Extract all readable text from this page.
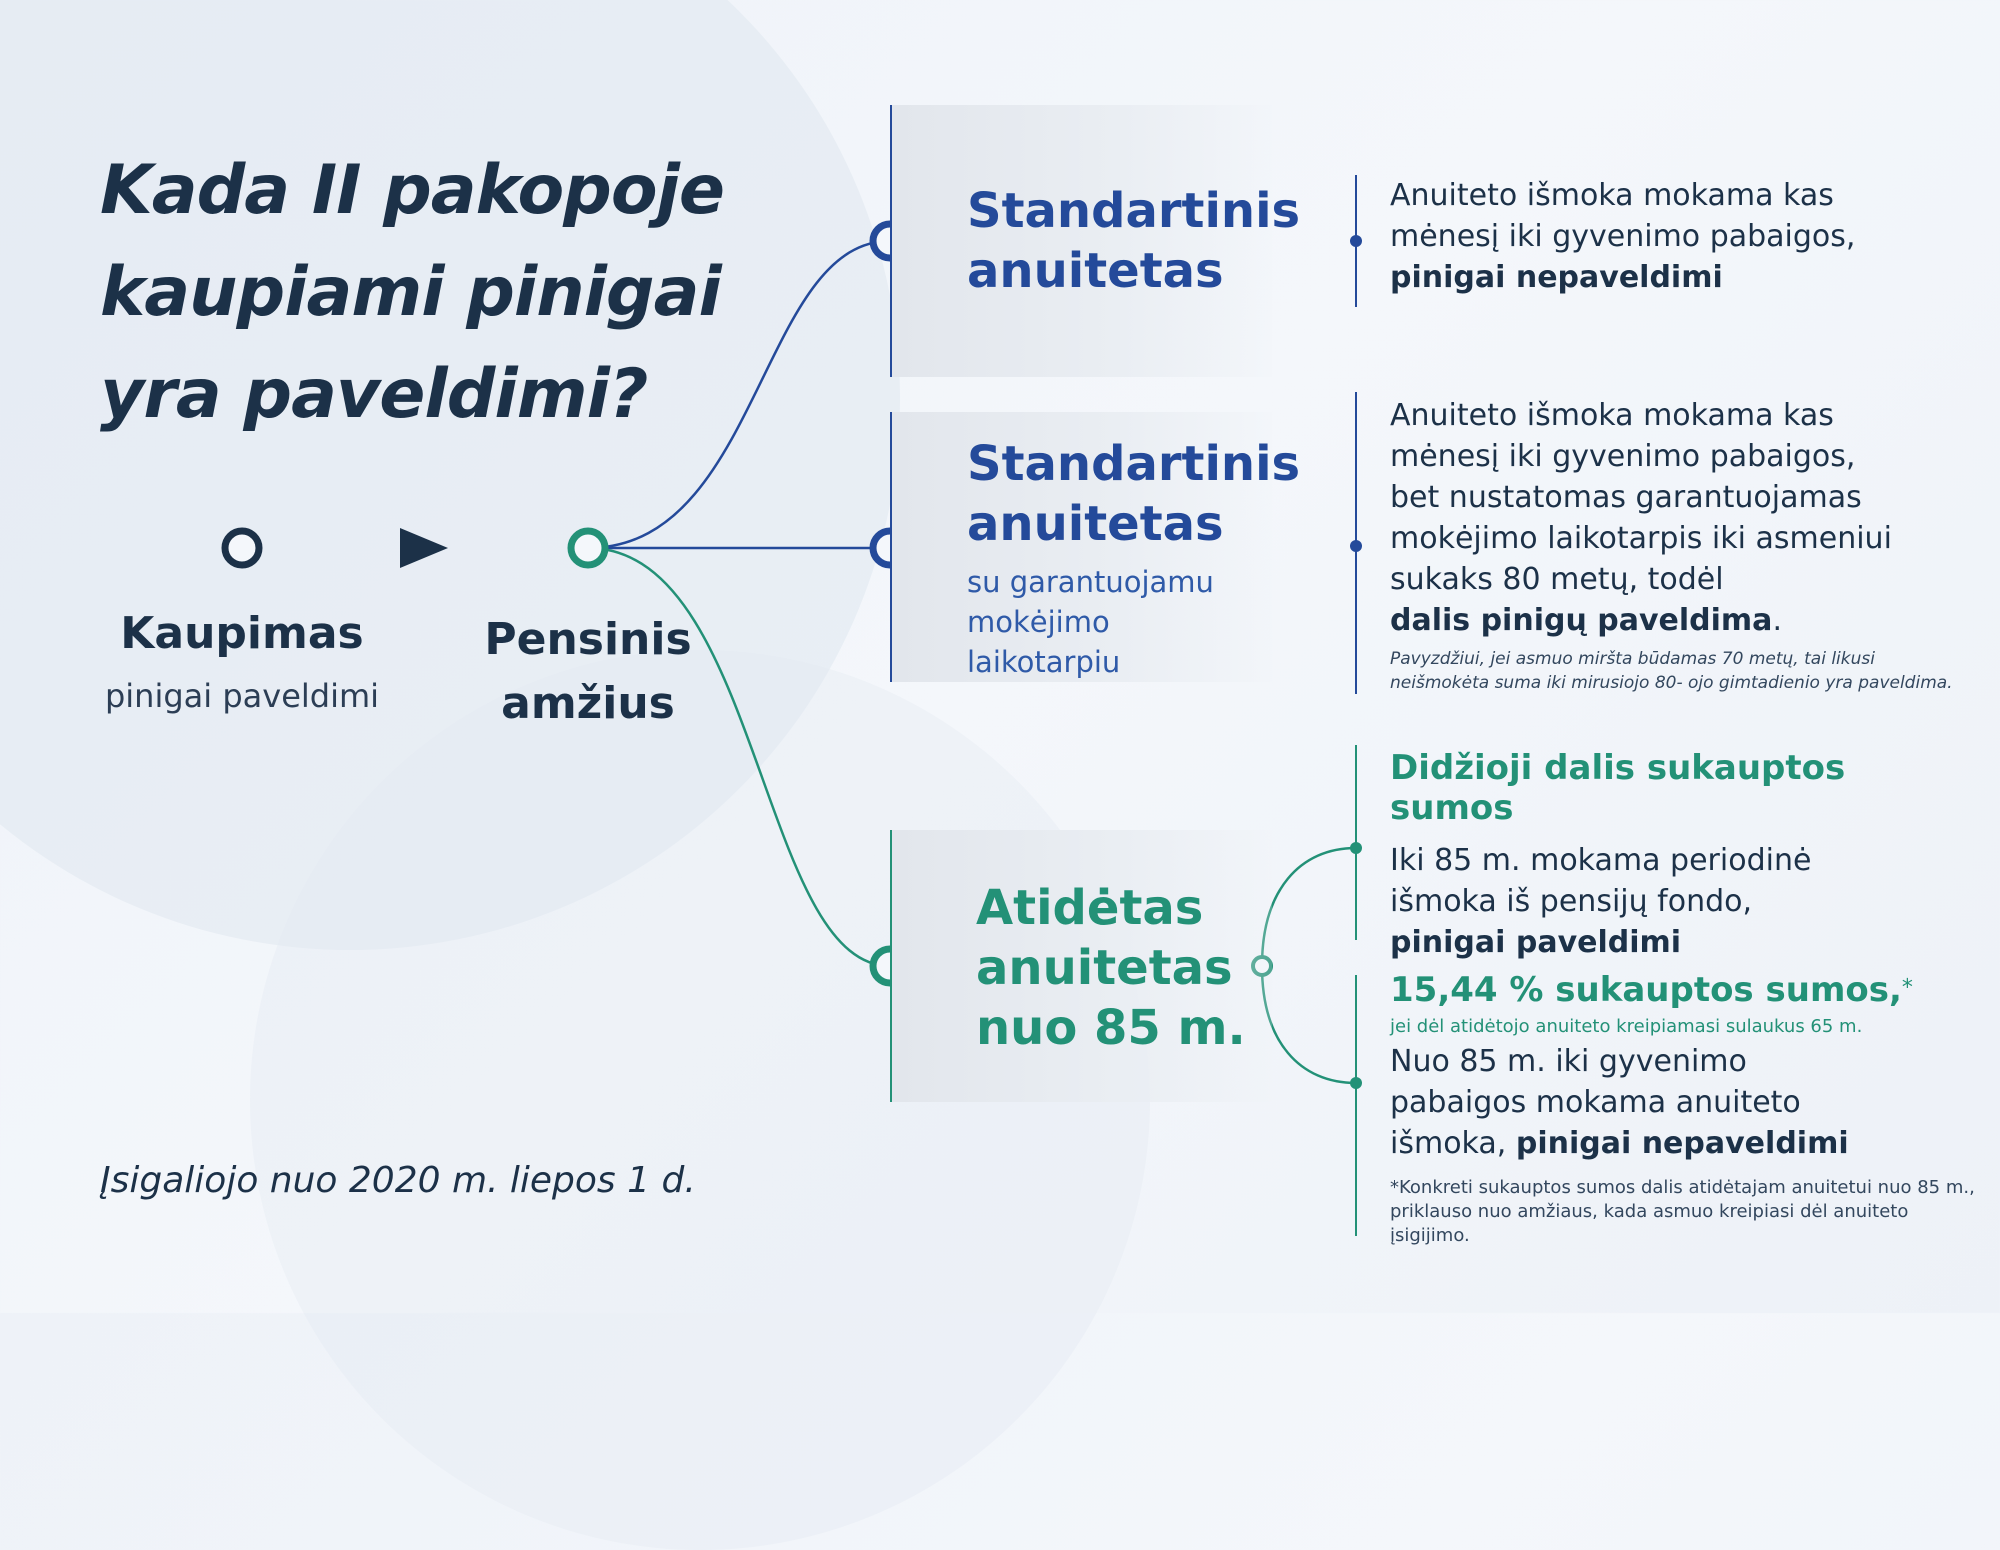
Kada II pakopoje
kaupiami pinigai
yra paveldimi?
Kaupimas
pinigai paveldimi
Pensinis
amžius
Standartinis
anuitetas
Standartinis
anuitetas
su garantuojamu
mokėjimo laikotarpiu
Atidėtas
anuitetas
nuo 85 m.
Anuiteto išmoka mokama kas
mėnesį iki gyvenimo pabaigos,
pinigai nepaveldimi
Anuiteto išmoka mokama kas
mėnesį iki gyvenimo pabaigos,
bet nustatomas garantuojamas
mokėjimo laikotarpis iki asmeniui
sukaks 80 metų, todėl
dalis pinigų paveldima.
Pavyzdžiui, jei asmuo miršta būdamas 70 metų, tai likusi
neišmokėta suma iki mirusiojo 80- ojo gimtadienio yra paveldima.
Didžioji dalis sukauptos sumos
Iki 85 m. mokama periodinė
išmoka iš pensijų fondo,
pinigai paveldimi
15,44 % sukauptos sumos,*
jei dėl atidėtojo anuiteto kreipiamasi sulaukus 65 m.
Nuo 85 m. iki gyvenimo
pabaigos mokama anuiteto
išmoka, pinigai nepaveldimi
*Konkreti sukauptos sumos dalis atidėtajam anuitetui nuo 85 m.,
priklauso nuo amžiaus, kada asmuo kreipiasi dėl anuiteto įsigijimo.
Įsigaliojo nuo 2020 m. liepos 1 d.
